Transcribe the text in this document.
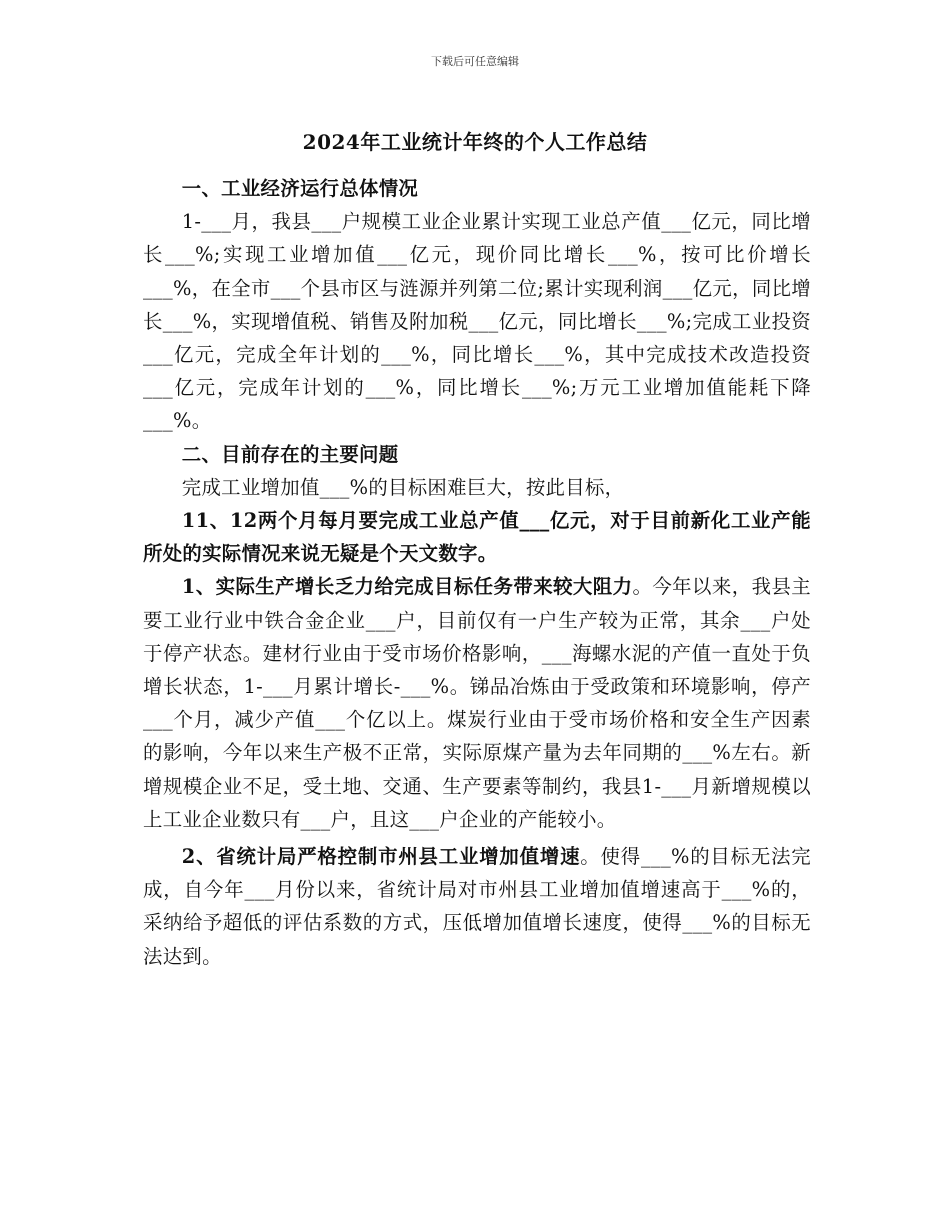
下载后可任意编辑
2024年工业统计年终的个人工作总结

一、工业经济运行总体情况

1-___月，我县___户规模工业企业累计实现工业总产值___亿元，同比增长___%;实现工业增加值___亿元，现价同比增长___%，按可比价增长___%，在全市___个县市区与涟源并列第二位;累计实现利润___亿元，同比增长___%，实现增值税、销售及附加税___亿元，同比增长___%;完成工业投资___亿元，完成全年计划的___%，同比增长___%，其中完成技术改造投资___亿元，完成年计划的___%，同比增长___%;万元工业增加值能耗下降___%。

二、目前存在的主要问题

完成工业增加值___%的目标困难巨大，按此目标，

11、12两个月每月要完成工业总产值___亿元，对于目前新化工业产能所处的实际情况来说无疑是个天文数字。

1、实际生产增长乏力给完成目标任务带来较大阻力。今年以来，我县主要工业行业中铁合金企业___户，目前仅有一户生产较为正常，其余___户处于停产状态。建材行业由于受市场价格影响，___海螺水泥的产值一直处于负增长状态，1-___月累计增长-___%。锑品冶炼由于受政策和环境影响，停产___个月，减少产值___个亿以上。煤炭行业由于受市场价格和安全生产因素的影响，今年以来生产极不正常，实际原煤产量为去年同期的___%左右。新增规模企业不足，受土地、交通、生产要素等制约，我县1-___月新增规模以上工业企业数只有___户，且这___户企业的产能较小。

2、省统计局严格控制市州县工业增加值增速。使得___%的目标无法完成，自今年___月份以来，省统计局对市州县工业增加值增速高于___%的，采纳给予超低的评估系数的方式，压低增加值增长速度，使得___%的目标无法达到。
